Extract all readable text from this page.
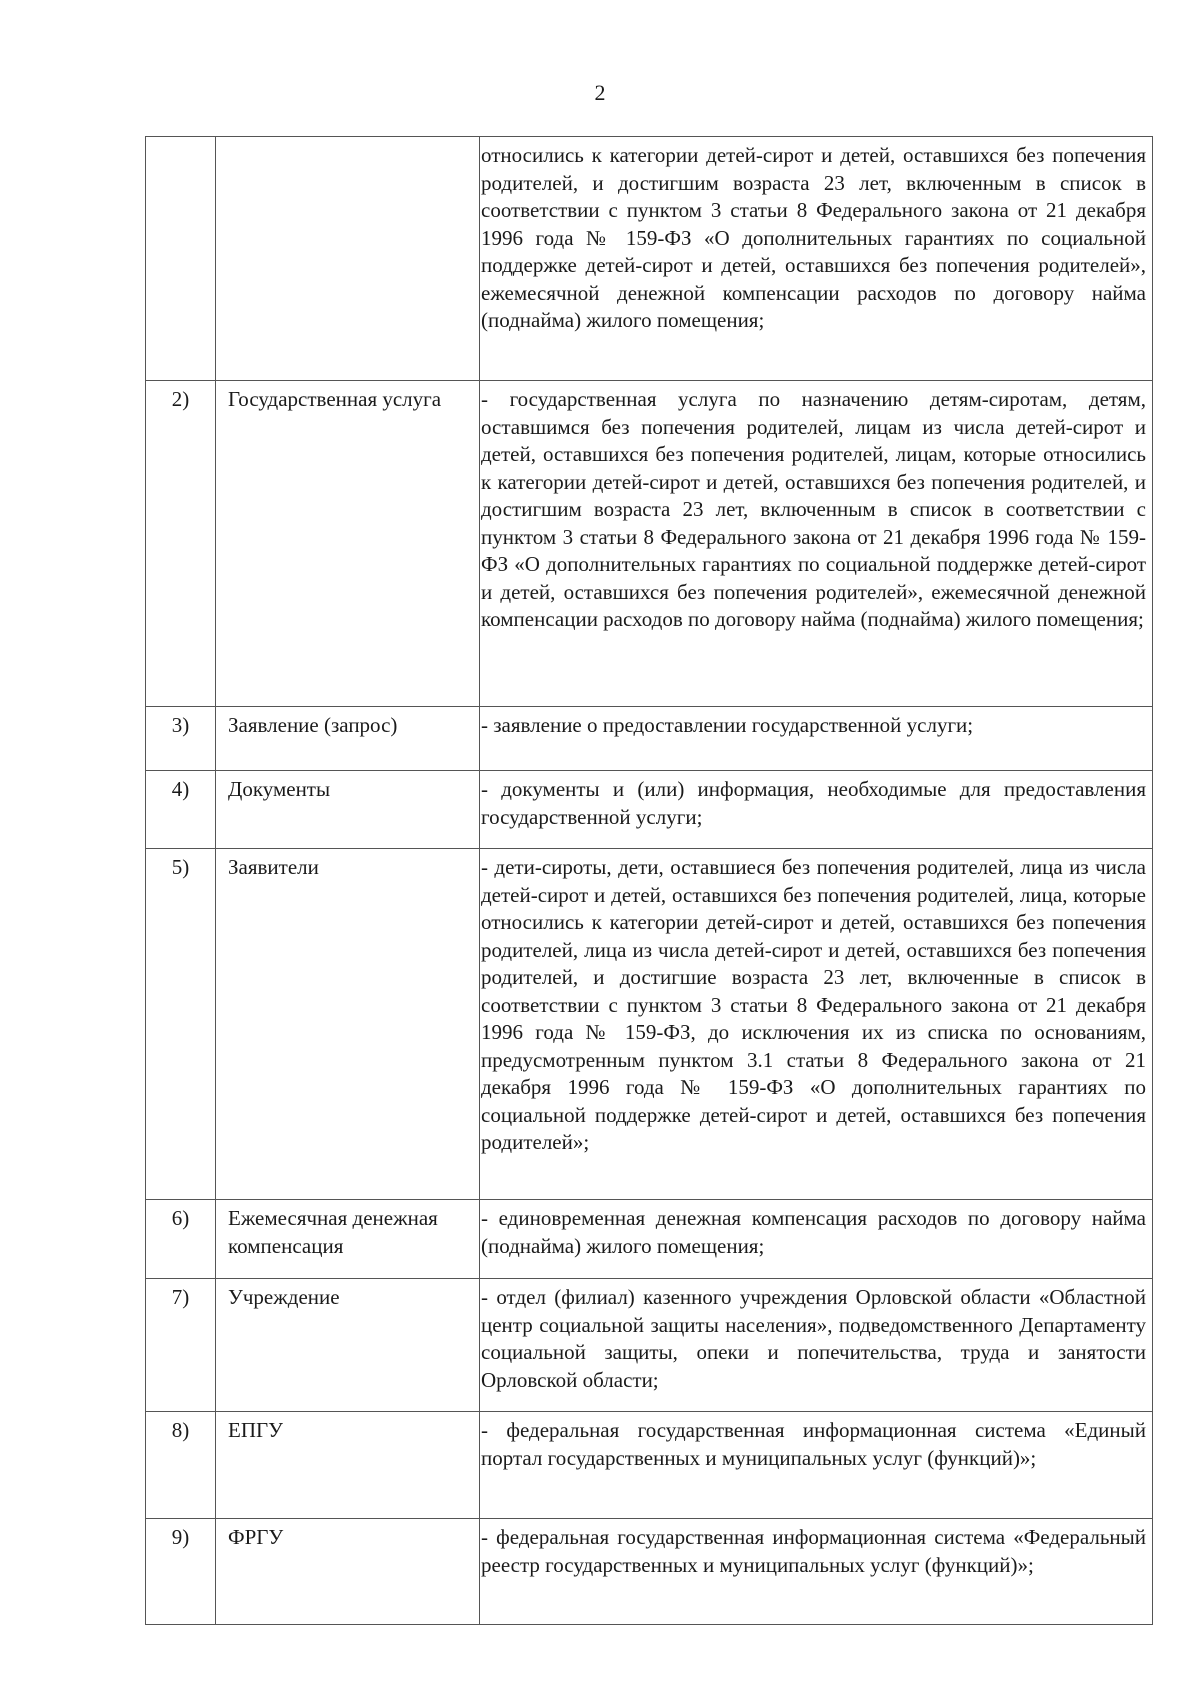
2
		относились к категории детей-сирот и детей, оставшихся без попечения родителей, и достигшим возраста 23 лет, включенным в список в соответствии с пунктом 3 статьи 8 Федерального закона от 21 декабря 1996 года № 159-ФЗ «О дополнительных гарантиях по социальной поддержке детей-сирот и детей, оставшихся без попечения родителей», ежемесячной денежной компенсации расходов по договору найма (поднайма) жилого помещения;
2)	Государственная услуга	- государственная услуга по назначению детям-сиротам, детям, оставшимся без попечения родителей, лицам из числа детей-сирот и детей, оставшихся без попечения родителей, лицам, которые относились к категории детей-сирот и детей, оставшихся без попечения родителей, и достигшим возраста 23 лет, включенным в список в соответствии с пунктом 3 статьи 8 Федерального закона от 21 декабря 1996 года № 159-ФЗ «О дополнительных гарантиях по социальной поддержке детей-сирот и детей, оставшихся без попечения родителей», ежемесячной денежной компенсации расходов по договору найма (поднайма) жилого помещения;
3)	Заявление (запрос)	- заявление о предоставлении государственной услуги;
4)	Документы	- документы и (или) информация, необходимые для предоставления государственной услуги;
5)	Заявители	- дети-сироты, дети, оставшиеся без попечения родителей, лица из числа детей-сирот и детей, оставшихся без попечения родителей, лица, которые относились к категории детей-сирот и детей, оставшихся без попечения родителей, лица из числа детей-сирот и детей, оставшихся без попечения родителей, и достигшие возраста 23 лет, включенные в список в соответствии с пунктом 3 статьи 8 Федерального закона от 21 декабря 1996 года № 159-ФЗ, до исключения их из списка по основаниям, предусмотренным пунктом 3.1 статьи 8 Федерального закона от 21 декабря 1996 года № 159-ФЗ «О дополнительных гарантиях по социальной поддержке детей-сирот и детей, оставшихся без попечения родителей»;
6)	Ежемесячная денежная компенсация	- единовременная денежная компенсация расходов по договору найма (поднайма) жилого помещения;
7)	Учреждение	- отдел (филиал) казенного учреждения Орловской области «Областной центр социальной защиты населения», подведомственного Департаменту социальной защиты, опеки и попечительства, труда и занятости Орловской области;
8)	ЕПГУ	- федеральная государственная информационная система «Единый портал государственных и муниципальных услуг (функций)»;
9)	ФРГУ	- федеральная государственная информационная система «Федеральный реестр государственных и муниципальных услуг (функций)»;
